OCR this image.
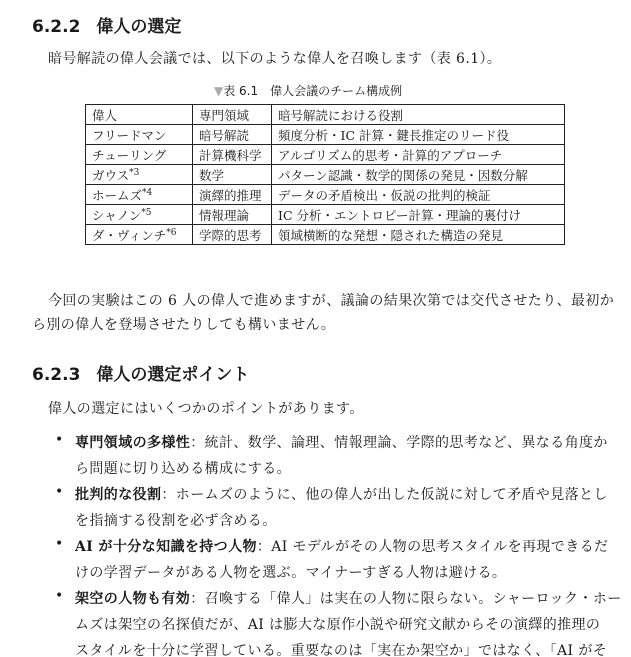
6.2.2 偉人の選定
暗号解読の偉人会議では、以下のような偉人を召喚します（表 6.1）。
▼表 6.1　偉人会議のチーム構成例
偉人	専門領域	暗号解読における役割
フリードマン	暗号解読	頻度分析・IC 計算・鍵長推定のリード役
チューリング	計算機科学	アルゴリズム的思考・計算的アプローチ
ガウス$^{*3}$	数学	パターン認識・数学的関係の発見・因数分解
ホームズ$^{*4}$	演繹的推理	データの矛盾検出・仮説の批判的検証
シャノン$^{*5}$	情報理論	IC 分析・エントロピー計算・理論的裏付け
ダ・ヴィンチ$^{*6}$	学際的思考	領域横断的な発想・隠された構造の発見
今回の実験はこの 6 人の偉人で進めますが、議論の結果次第では交代させたり、最初か
ら別の偉人を登場させたりしても構いません。
6.2.3 偉人の選定ポイント
偉人の選定にはいくつかのポイントがあります。
• 専門領域の多様性：統計、数学、論理、情報理論、学際的思考など、異なる角度か
ら問題に切り込める構成にする。
• 批判的な役割：ホームズのように、他の偉人が出した仮説に対して矛盾や見落とし
を指摘する役割を必ず含める。
• AI が十分な知識を持つ人物：AI モデルがその人物の思考スタイルを再現できるだ
けの学習データがある人物を選ぶ。マイナーすぎる人物は避ける。
• 架空の人物も有効：召喚する「偉人」は実在の人物に限らない。シャーロック・ホー
ムズは架空の名探偵だが、AI は膨大な原作小説や研究文献からその演繹的推理の
スタイルを十分に学習している。重要なのは「実在か架空か」ではなく、「AI がそ
